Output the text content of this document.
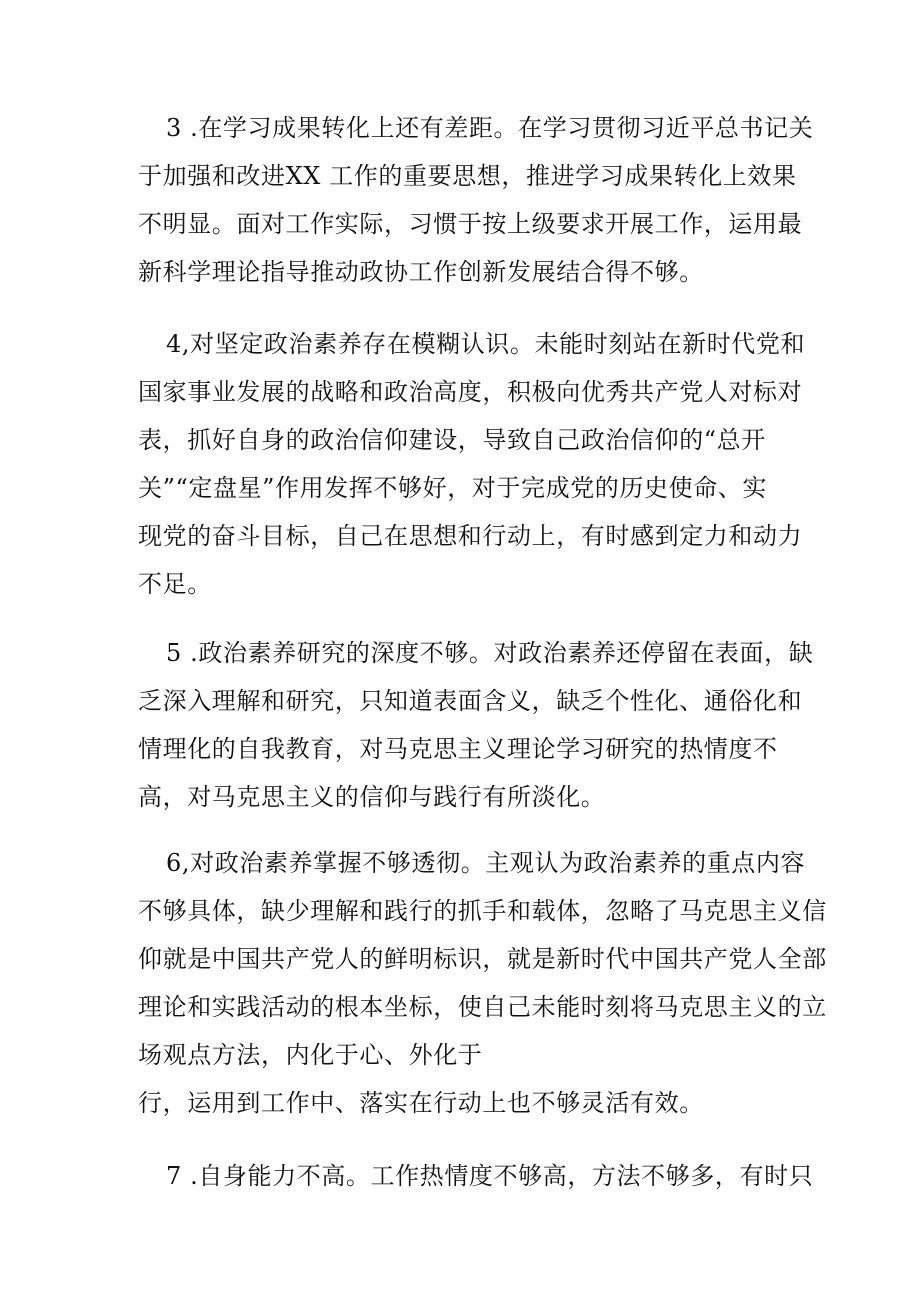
3 .在学习成果转化上还有差距。在学习贯彻习近平总书记关
于加强和改进XX 工作的重要思想，推进学习成果转化上效果
不明显。面对工作实际，习惯于按上级要求开展工作，运用最
新科学理论指导推动政协工作创新发展结合得不够。
4,对坚定政治素养存在模糊认识。未能时刻站在新时代党和
国家事业发展的战略和政治高度，积极向优秀共产党人对标对
表，抓好自身的政治信仰建设，导致自己政治信仰的“总开
关”“定盘星”作用发挥不够好，对于完成党的历史使命、实
现党的奋斗目标，自己在思想和行动上，有时感到定力和动力
不足。
5 .政治素养研究的深度不够。对政治素养还停留在表面，缺
乏深入理解和研究，只知道表面含义，缺乏个性化、通俗化和
情理化的自我教育，对马克思主义理论学习研究的热情度不
高，对马克思主义的信仰与践行有所淡化。
6,对政治素养掌握不够透彻。主观认为政治素养的重点内容
不够具体，缺少理解和践行的抓手和载体，忽略了马克思主义信
仰就是中国共产党人的鲜明标识，就是新时代中国共产党人全部
理论和实践活动的根本坐标，使自己未能时刻将马克思主义的立
场观点方法，内化于心、外化于
行，运用到工作中、落实在行动上也不够灵活有效。
7 .自身能力不高。工作热情度不够高，方法不够多，有时只
